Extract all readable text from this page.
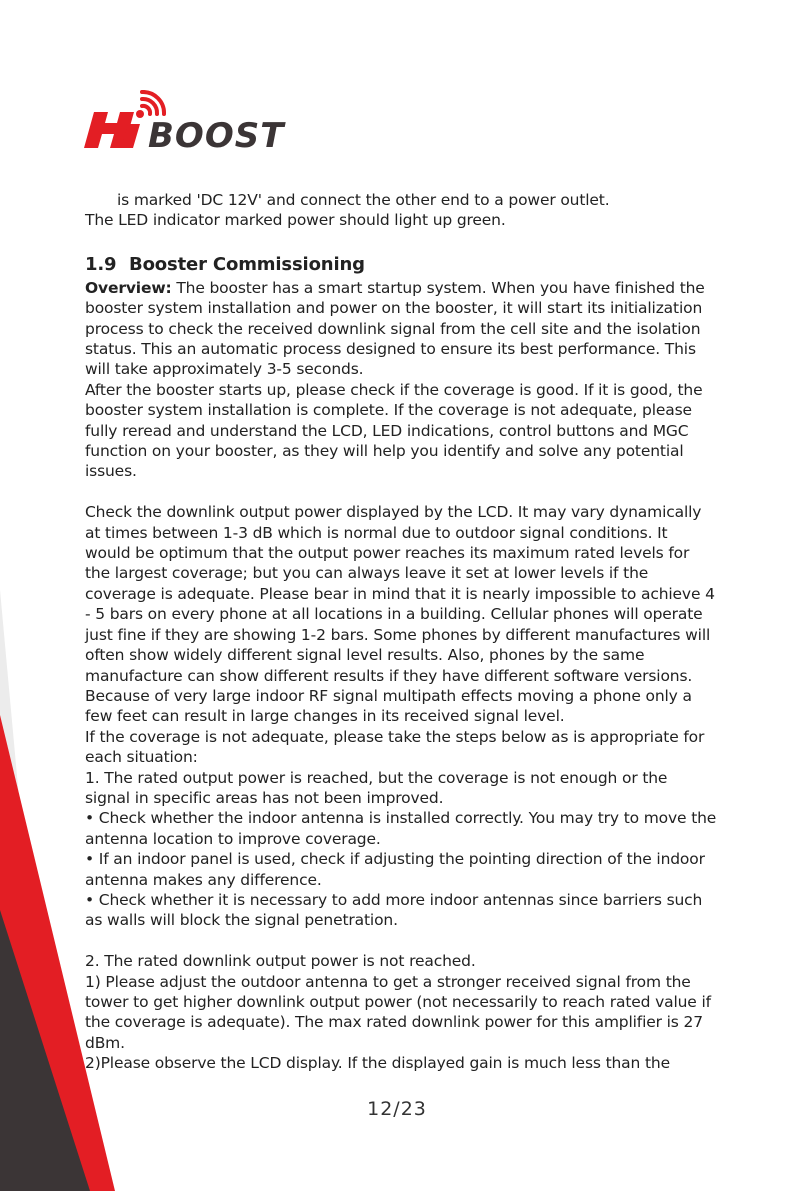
BOOST

is marked 'DC 12V' and connect the other end to a power outlet.

The LED indicator marked power should light up green.

1.9 Booster Commissioning

Overview: The booster has a smart startup system. When you have finished the booster system installation and power on the booster, it will start its initialization process to check the received downlink signal from the cell site and the isolation status. This an automatic process designed to ensure its best performance. This will take approximately 3-5 seconds.

After the booster starts up, please check if the coverage is good. If it is good, the booster system installation is complete. If the coverage is not adequate, please fully reread and understand the LCD, LED indications, control buttons and MGC function on your booster, as they will help you identify and solve any potential issues.

Check the downlink output power displayed by the LCD. It may vary dynamically at times between 1-3 dB which is normal due to outdoor signal conditions. It would be optimum that the output power reaches its maximum rated levels for the largest coverage; but you can always leave it set at lower levels if the coverage is adequate. Please bear in mind that it is nearly impossible to achieve 4 - 5 bars on every phone at all locations in a building. Cellular phones will operate just fine if they are showing 1-2 bars. Some phones by different manufactures will often show widely different signal level results. Also, phones by the same manufacture can show different results if they have different software versions. Because of very large indoor RF signal multipath effects moving a phone only a few feet can result in large changes in its received signal level.

If the coverage is not adequate, please take the steps below as is appropriate for each situation:

1. The rated output power is reached, but the coverage is not enough or the signal in specific areas has not been improved.

• Check whether the indoor antenna is installed correctly. You may try to move the antenna location to improve coverage.

• If an indoor panel is used, check if adjusting the pointing direction of the indoor antenna makes any difference.

• Check whether it is necessary to add more indoor antennas since barriers such as walls will block the signal penetration.

2. The rated downlink output power is not reached.

1) Please adjust the outdoor antenna to get a stronger received signal from the tower to get higher downlink output power (not necessarily to reach rated value if the coverage is adequate). The max rated downlink power for this amplifier is 27 dBm.

2)Please observe the LCD display. If the displayed gain is much less than the

12/23
